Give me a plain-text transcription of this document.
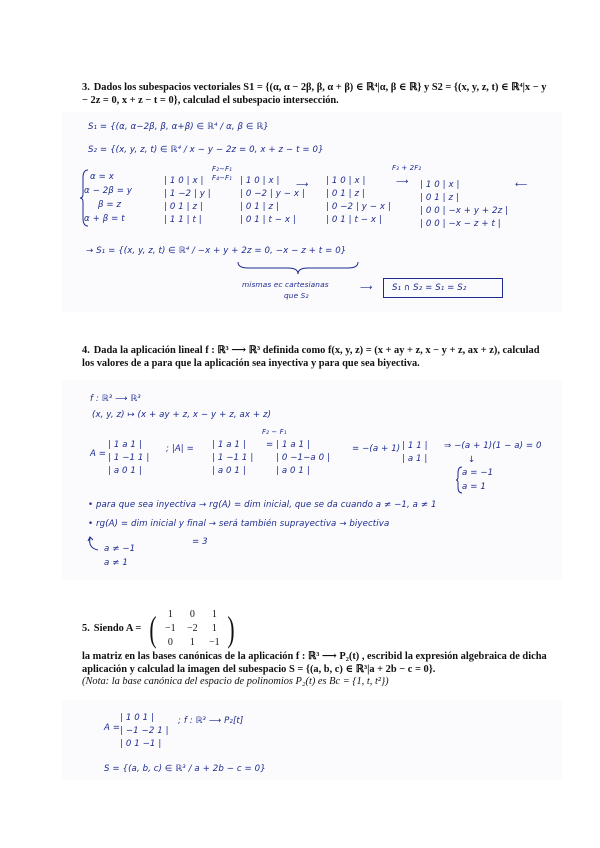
3. Dados los subespacios vectoriales S1 = {(α, α − 2β, β, α + β) ∈ ℝ⁴|α, β ∈ ℝ} y S2 = {(x, y, z, t) ∈ ℝ⁴|x − y − 2z = 0, x + z − t = 0}, calculad el subespacio intersección.
S₁ = {(α, α−2β, β, α+β) ∈ ℝ⁴ / α, β ∈ ℝ}
S₂ = {(x, y, z, t) ∈ ℝ⁴ / x − y − 2z = 0, x + z − t = 0}
α = x
α − 2β = y
β = z
α + β = t
| 1 0 | x |
| 1 −2 | y |
| 0 1 | z |
| 1 1 | t |
F₂−F₁
F₄−F₁ | 1 0 | x |
| 0 −2 | y − x |
| 0 1 | z |
| 0 1 | t − x |
⟶ | 1 0 | x |
| 0 1 | z |
| 0 −2 | y − x |
| 0 1 | t − x |
F₃ + 2F₂
⟶ | 1 0 | x |
| 0 1 | z |
| 0 0 | −x + y + 2z |
| 0 0 | −x − z + t |
⟵
→ S₁ = {(x, y, z, t) ∈ ℝ⁴ / −x + y + 2z = 0, −x − z + t = 0}
mismas ec cartesianas
que S₂
⟶ S₁ ∩ S₂ = S₁ = S₂
4. Dada la aplicación lineal f : ℝ³ ⟶ ℝ³ definida como f(x, y, z) = (x + ay + z, x − y + z, ax + z), calculad los valores de a para que la aplicación sea inyectiva y para que sea biyectiva.
f : ℝ³ ⟶ ℝ³
(x, y, z) ↦ (x + ay + z, x − y + z, ax + z)
A =
| 1 a 1 |
| 1 −1 1 |
| a 0 1 |
; |A| = | 1 a 1 |
| 1 −1 1 |
| a 0 1 |
F₂ − F₁
= | 1 a 1 |
| 0 −1−a 0 |
| a 0 1 |
= −(a + 1) | 1 1 |
| a 1 |
⇒ −(a + 1)(1 − a) = 0
↓
a = −1
a = 1
• para que sea inyectiva → rg(A) = dim inicial, que se da cuando a ≠ −1, a ≠ 1
• rg(A) = dim inicial y final → será también suprayectiva → biyectiva
a ≠ −1
a ≠ 1
= 3
5. Siendo A = ( 1	0	1
−1	−2	1
0	1	−1 )
la matriz en las bases canónicas de la aplicación f : ℝ³ ⟶ P₂(t) , escribid la expresión algebraica de dicha aplicación y calculad la imagen del subespacio S = {(a, b, c) ∈ ℝ³|a + 2b − c = 0}.
(Nota: la base canónica del espacio de polinomios P₂(t) es Bc = {1, t, t²})
A =
| 1 0 1 |
| −1 −2 1 |
| 0 1 −1 |
; f : ℝ³ ⟶ P₂[t]
S = {(a, b, c) ∈ ℝ³ / a + 2b − c = 0}
